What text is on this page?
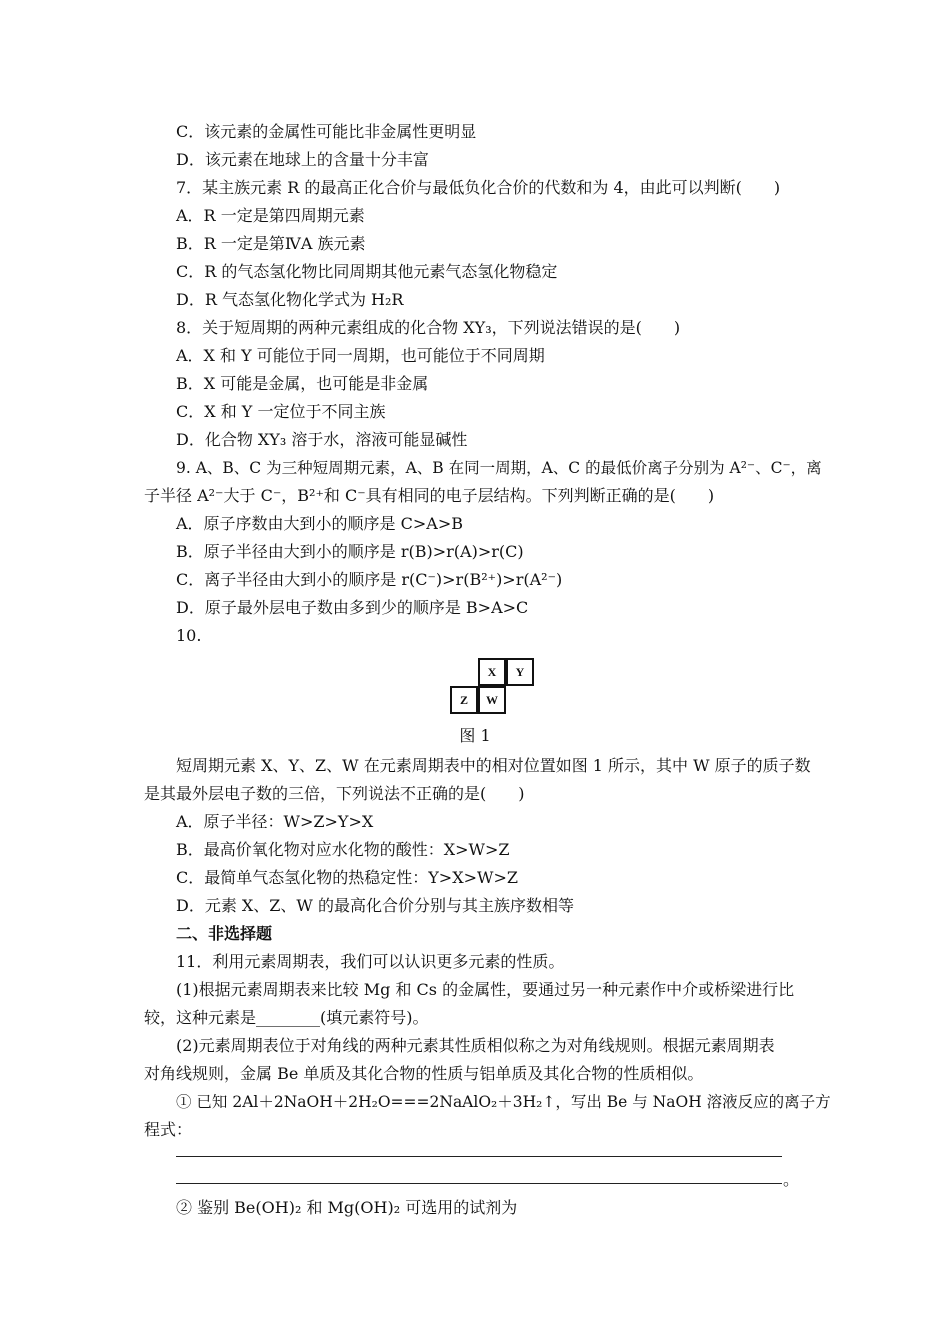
C．该元素的金属性可能比非金属性更明显
D．该元素在地球上的含量十分丰富
7．某主族元素 R 的最高正化合价与最低负化合价的代数和为 4，由此可以判断(　　)
A．R 一定是第四周期元素
B．R 一定是第ⅣA 族元素
C．R 的气态氢化物比同周期其他元素气态氢化物稳定
D．R 气态氢化物化学式为 H₂R
8．关于短周期的两种元素组成的化合物 XY₃，下列说法错误的是(　　)
A．X 和 Y 可能位于同一周期，也可能位于不同周期
B．X 可能是金属，也可能是非金属
C．X 和 Y 一定位于不同主族
D．化合物 XY₃ 溶于水，溶液可能显碱性
9. A、B、C 为三种短周期元素，A、B 在同一周期，A、C 的最低价离子分别为 A²⁻、C⁻，离
子半径 A²⁻大于 C⁻，B²⁺和 C⁻具有相同的电子层结构。下列判断正确的是(　　)
A．原子序数由大到小的顺序是 C>A>B
B．原子半径由大到小的顺序是 r(B)>r(A)>r(C)
C．离子半径由大到小的顺序是 r(C⁻)>r(B²⁺)>r(A²⁻)
D．原子最外层电子数由多到少的顺序是 B>A>C
10.
X	Y
Z	W
图 1
短周期元素 X、Y、Z、W 在元素周期表中的相对位置如图 1 所示，其中 W 原子的质子数
是其最外层电子数的三倍，下列说法不正确的是(　　)
A．原子半径：W>Z>Y>X
B．最高价氧化物对应水化物的酸性：X>W>Z
C．最简单气态氢化物的热稳定性：Y>X>W>Z
D．元素 X、Z、W 的最高化合价分别与其主族序数相等
二、非选择题
11．利用元素周期表，我们可以认识更多元素的性质。
(1)根据元素周期表来比较 Mg 和 Cs 的金属性，要通过另一种元素作中介或桥梁进行比
较，这种元素是________(填元素符号)。
(2)元素周期表位于对角线的两种元素其性质相似称之为对角线规则。根据元素周期表
对角线规则，金属 Be 单质及其化合物的性质与铝单质及其化合物的性质相似。
① 已知 2Al＋2NaOH＋2H₂O===2NaAlO₂＋3H₂↑，写出 Be 与 NaOH 溶液反应的离子方
程式：
。
② 鉴别 Be(OH)₂ 和 Mg(OH)₂ 可选用的试剂为
